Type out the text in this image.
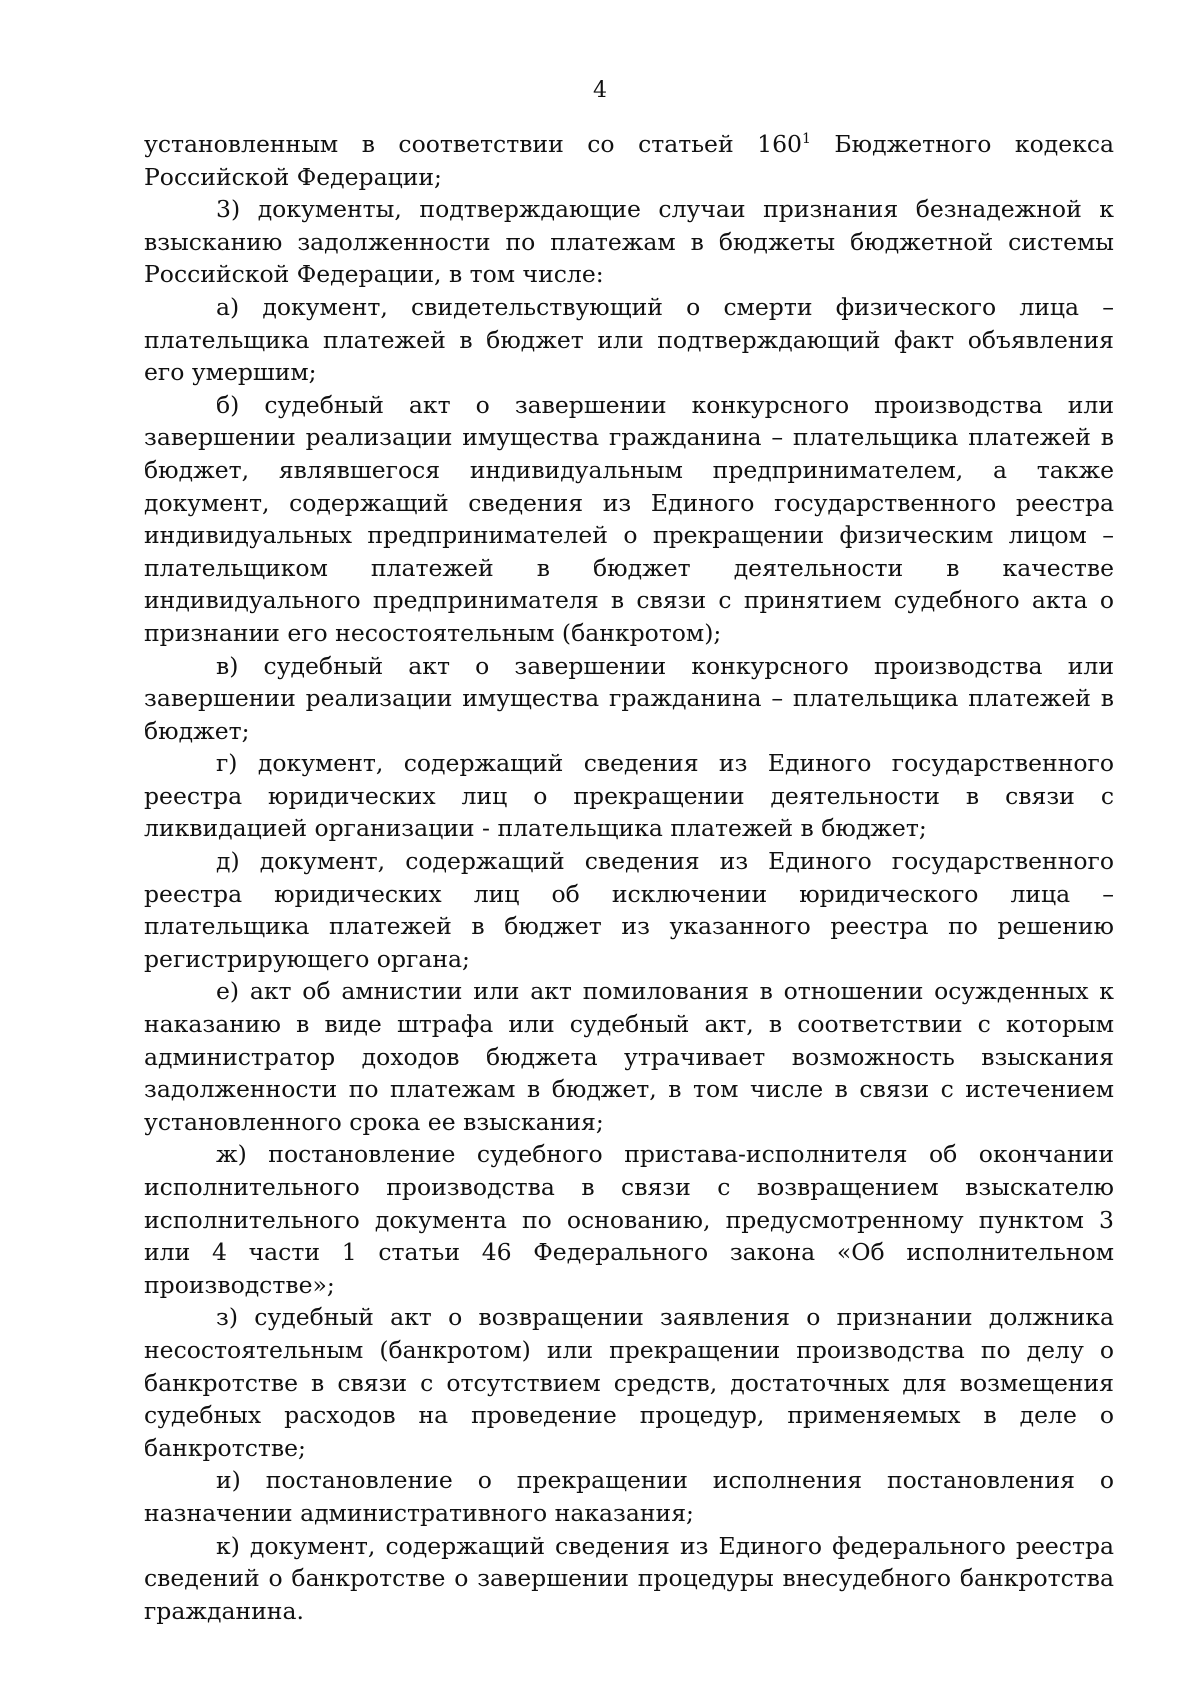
4

установленным в соответствии со статьей $160^1$ Бюджетного кодекса Российской Федерации;

3) документы, подтверждающие случаи признания безнадежной к взысканию задолженности по платежам в бюджеты бюджетной системы Российской Федерации, в том числе:

а) документ, свидетельствующий о смерти физического лица – плательщика платежей в бюджет или подтверждающий факт объявления его умершим;

б) судебный акт о завершении конкурсного производства или завершении реализации имущества гражданина – плательщика платежей в бюджет, являвшегося индивидуальным предпринимателем, а также документ, содержащий сведения из Единого государственного реестра индивидуальных предпринимателей о прекращении физическим лицом – плательщиком платежей в бюджет деятельности в качестве индивидуального предпринимателя в связи с принятием судебного акта о признании его несостоятельным (банкротом);

в) судебный акт о завершении конкурсного производства или завершении реализации имущества гражданина – плательщика платежей в бюджет;

г) документ, содержащий сведения из Единого государственного реестра юридических лиц о прекращении деятельности в связи с ликвидацией организации - плательщика платежей в бюджет;

д) документ, содержащий сведения из Единого государственного реестра юридических лиц об исключении юридического лица – плательщика платежей в бюджет из указанного реестра по решению регистрирующего органа;

е) акт об амнистии или акт помилования в отношении осужденных к наказанию в виде штрафа или судебный акт, в соответствии с которым администратор доходов бюджета утрачивает возможность взыскания задолженности по платежам в бюджет, в том числе в связи с истечением установленного срока ее взыскания;

ж) постановление судебного пристава-исполнителя об окончании исполнительного производства в связи с возвращением взыскателю исполнительного документа по основанию, предусмотренному пунктом 3 или 4 части 1 статьи 46 Федерального закона «Об исполнительном производстве»;

з) судебный акт о возвращении заявления о признании должника несостоятельным (банкротом) или прекращении производства по делу о банкротстве в связи с отсутствием средств, достаточных для возмещения судебных расходов на проведение процедур, применяемых в деле о банкротстве;

и) постановление о прекращении исполнения постановления о назначении административного наказания;

к) документ, содержащий сведения из Единого федерального реестра сведений о банкротстве о завершении процедуры внесудебного банкротства гражданина.
